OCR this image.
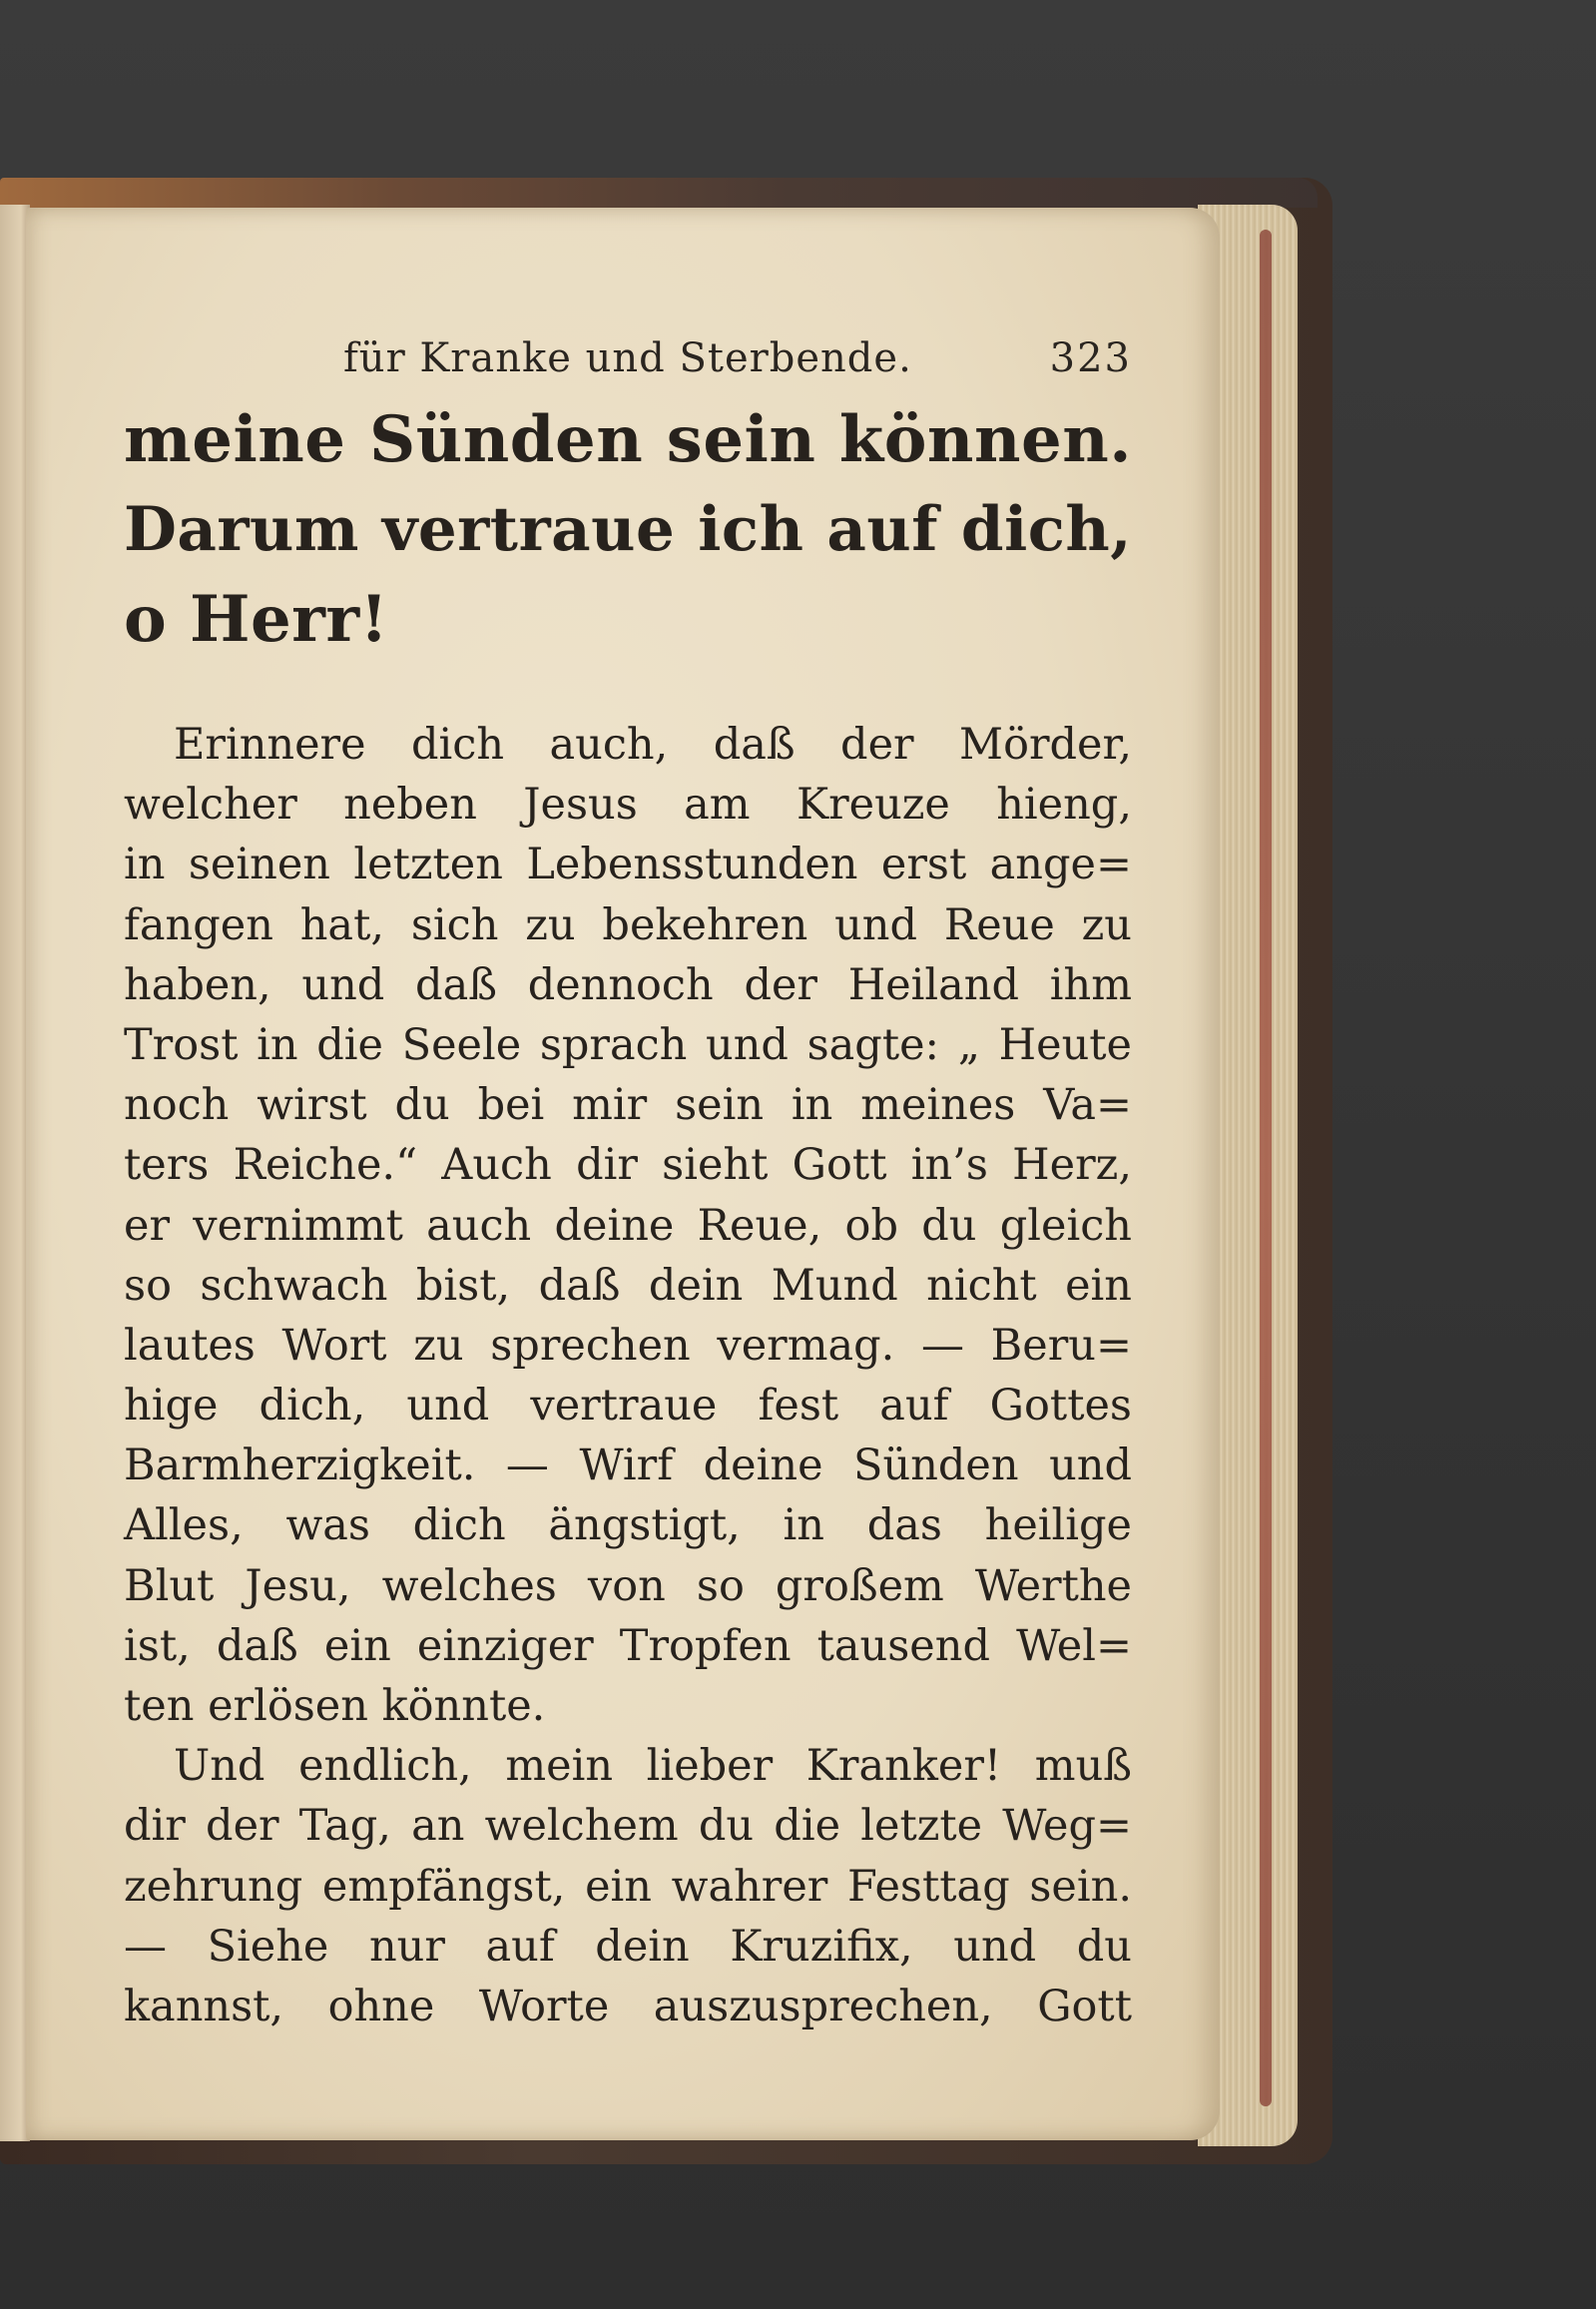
für Kranke und Sterbende.	323
meine Sünden sein können.
Darum vertraue ich auf dich,
o Herr!
Erinnere dich auch, daß der Mörder,
welcher neben Jesus am Kreuze hieng,
in seinen letzten Lebensstunden erst ange=
fangen hat, sich zu bekehren und Reue zu
haben, und daß dennoch der Heiland ihm
Trost in die Seele sprach und sagte: „ Heute
noch wirst du bei mir sein in meines Va=
ters Reiche.“ Auch dir sieht Gott in’s Herz,
er vernimmt auch deine Reue, ob du gleich
so schwach bist, daß dein Mund nicht ein
lautes Wort zu sprechen vermag. — Beru=
hige dich, und vertraue fest auf Gottes
Barmherzigkeit. — Wirf deine Sünden und
Alles, was dich ängstigt, in das heilige
Blut Jesu, welches von so großem Werthe
ist, daß ein einziger Tropfen tausend Wel=
ten erlösen könnte.
Und endlich, mein lieber Kranker! muß
dir der Tag, an welchem du die letzte Weg=
zehrung empfängst, ein wahrer Festtag sein.
— Siehe nur auf dein Kruzifix, und du
kannst, ohne Worte auszusprechen, Gott
